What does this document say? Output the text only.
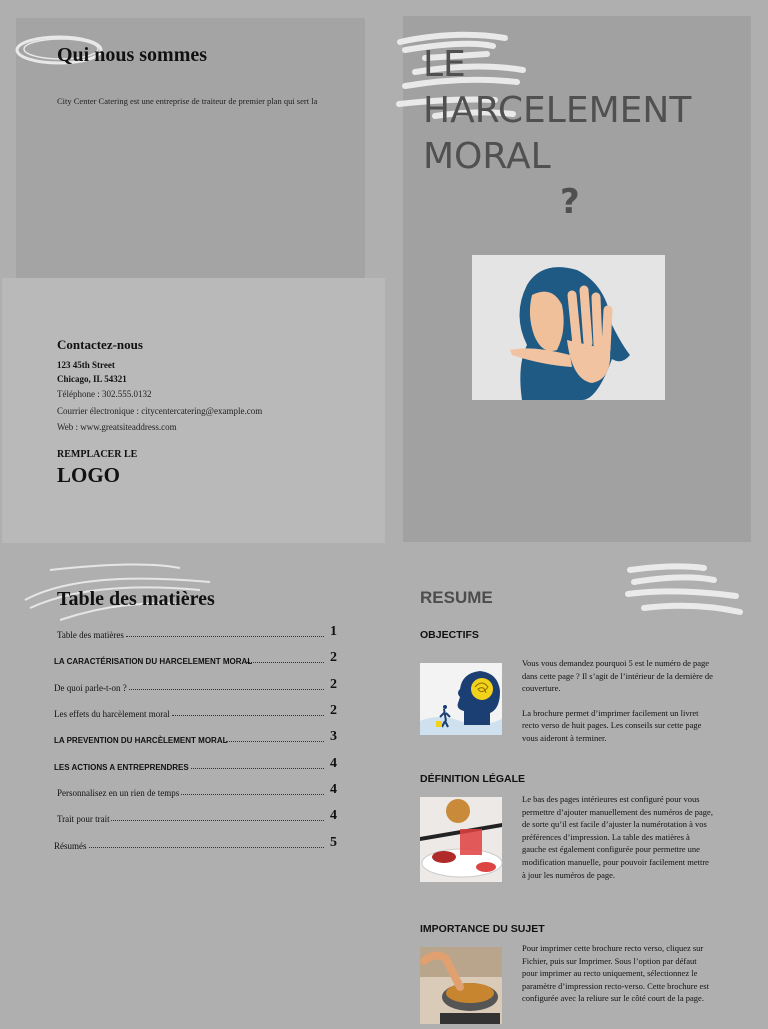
Qui nous sommes
City Center Catering est une entreprise de traiteur de premier plan qui sert la
LE
HARCELEMENT
MORAL
?
Contactez-nous
123 45th Street
Chicago, IL 54321
Téléphone : 302.555.0132
Courrier électronique : citycentercatering@example.com
Web : www.greatsiteaddress.com
REMPLACER LE
LOGO
Table des matières
Table des matières	1
LA CARACTÉRISATION DU HARCELEMENT MORAL	2
De quoi parle-t-on ?	2
Les effets du harcèlement moral	2
LA PREVENTION DU HARCÈLEMENT MORAL	3
LES ACTIONS A ENTREPRENDRES	4
Personnalisez en un rien de temps	4
Trait pour trait	4
Résumés	5
RESUME
OBJECTIFS
Vous vous demandez pourquoi 5 est le numéro de page dans cette page ? Il s’agit de l’intérieur de la dernière de couverture.
La brochure permet d’imprimer facilement un livret recto verso de huit pages. Les conseils sur cette page vous aideront à terminer.
DÉFINITION LÉGALE
Le bas des pages intérieures est configuré pour vous permettre d’ajouter manuellement des numéros de page, de sorte qu’il est facile d’ajuster la numérotation à vos préférences d’impression. La table des matières à gauche est également configurée pour permettre une modification manuelle, pour pouvoir facilement mettre à jour les numéros de page.
IMPORTANCE DU SUJET
Pour imprimer cette brochure recto verso, cliquez sur Fichier, puis sur Imprimer. Sous l’option par défaut pour imprimer au recto uniquement, sélectionnez le paramètre d’impression recto-verso. Cette brochure est configurée avec la reliure sur le côté court de la page.
